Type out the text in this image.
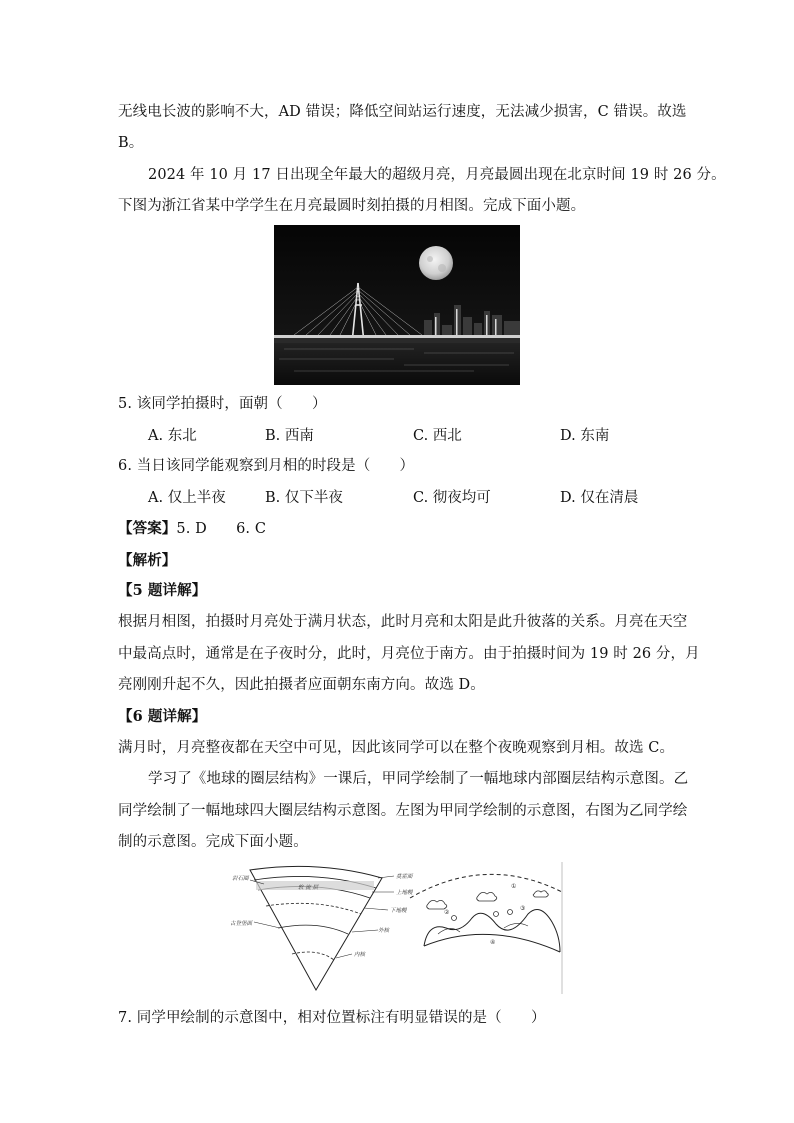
无线电长波的影响不大，AD 错误；降低空间站运行速度，无法减少损害，C 错误。故选
B。
2024 年 10 月 17 日出现全年最大的超级月亮，月亮最圆出现在北京时间 19 时 26 分。
下图为浙江省某中学学生在月亮最圆时刻拍摄的月相图。完成下面小题。
5. 该同学拍摄时，面朝（　　）
A. 东北	B. 西南	C. 西北	D. 东南
6. 当日该同学能观察到月相的时段是（　　）
A. 仅上半夜	B. 仅下半夜	C. 彻夜均可	D. 仅在清晨
【答案】5. D　　6. C
【解析】
【5 题详解】
根据月相图，拍摄时月亮处于满月状态，此时月亮和太阳是此升彼落的关系。月亮在天空
中最高点时，通常是在子夜时分，此时，月亮位于南方。由于拍摄时间为 19 时 26 分，月
亮刚刚升起不久，因此拍摄者应面朝东南方向。故选 D。
【6 题详解】
满月时，月亮整夜都在天空中可见，因此该同学可以在整个夜晚观察到月相。故选 C。
学习了《地球的圈层结构》一课后，甲同学绘制了一幅地球内部圈层结构示意图。乙
同学绘制了一幅地球四大圈层结构示意图。左图为甲同学绘制的示意图，右图为乙同学绘
制的示意图。完成下面小题。
岩石圈
古登堡面
软 流 层
莫霍面
上地幔
下地幔
外核
内核
①
②
③
④
7. 同学甲绘制的示意图中，相对位置标注有明显错误的是（　　）
